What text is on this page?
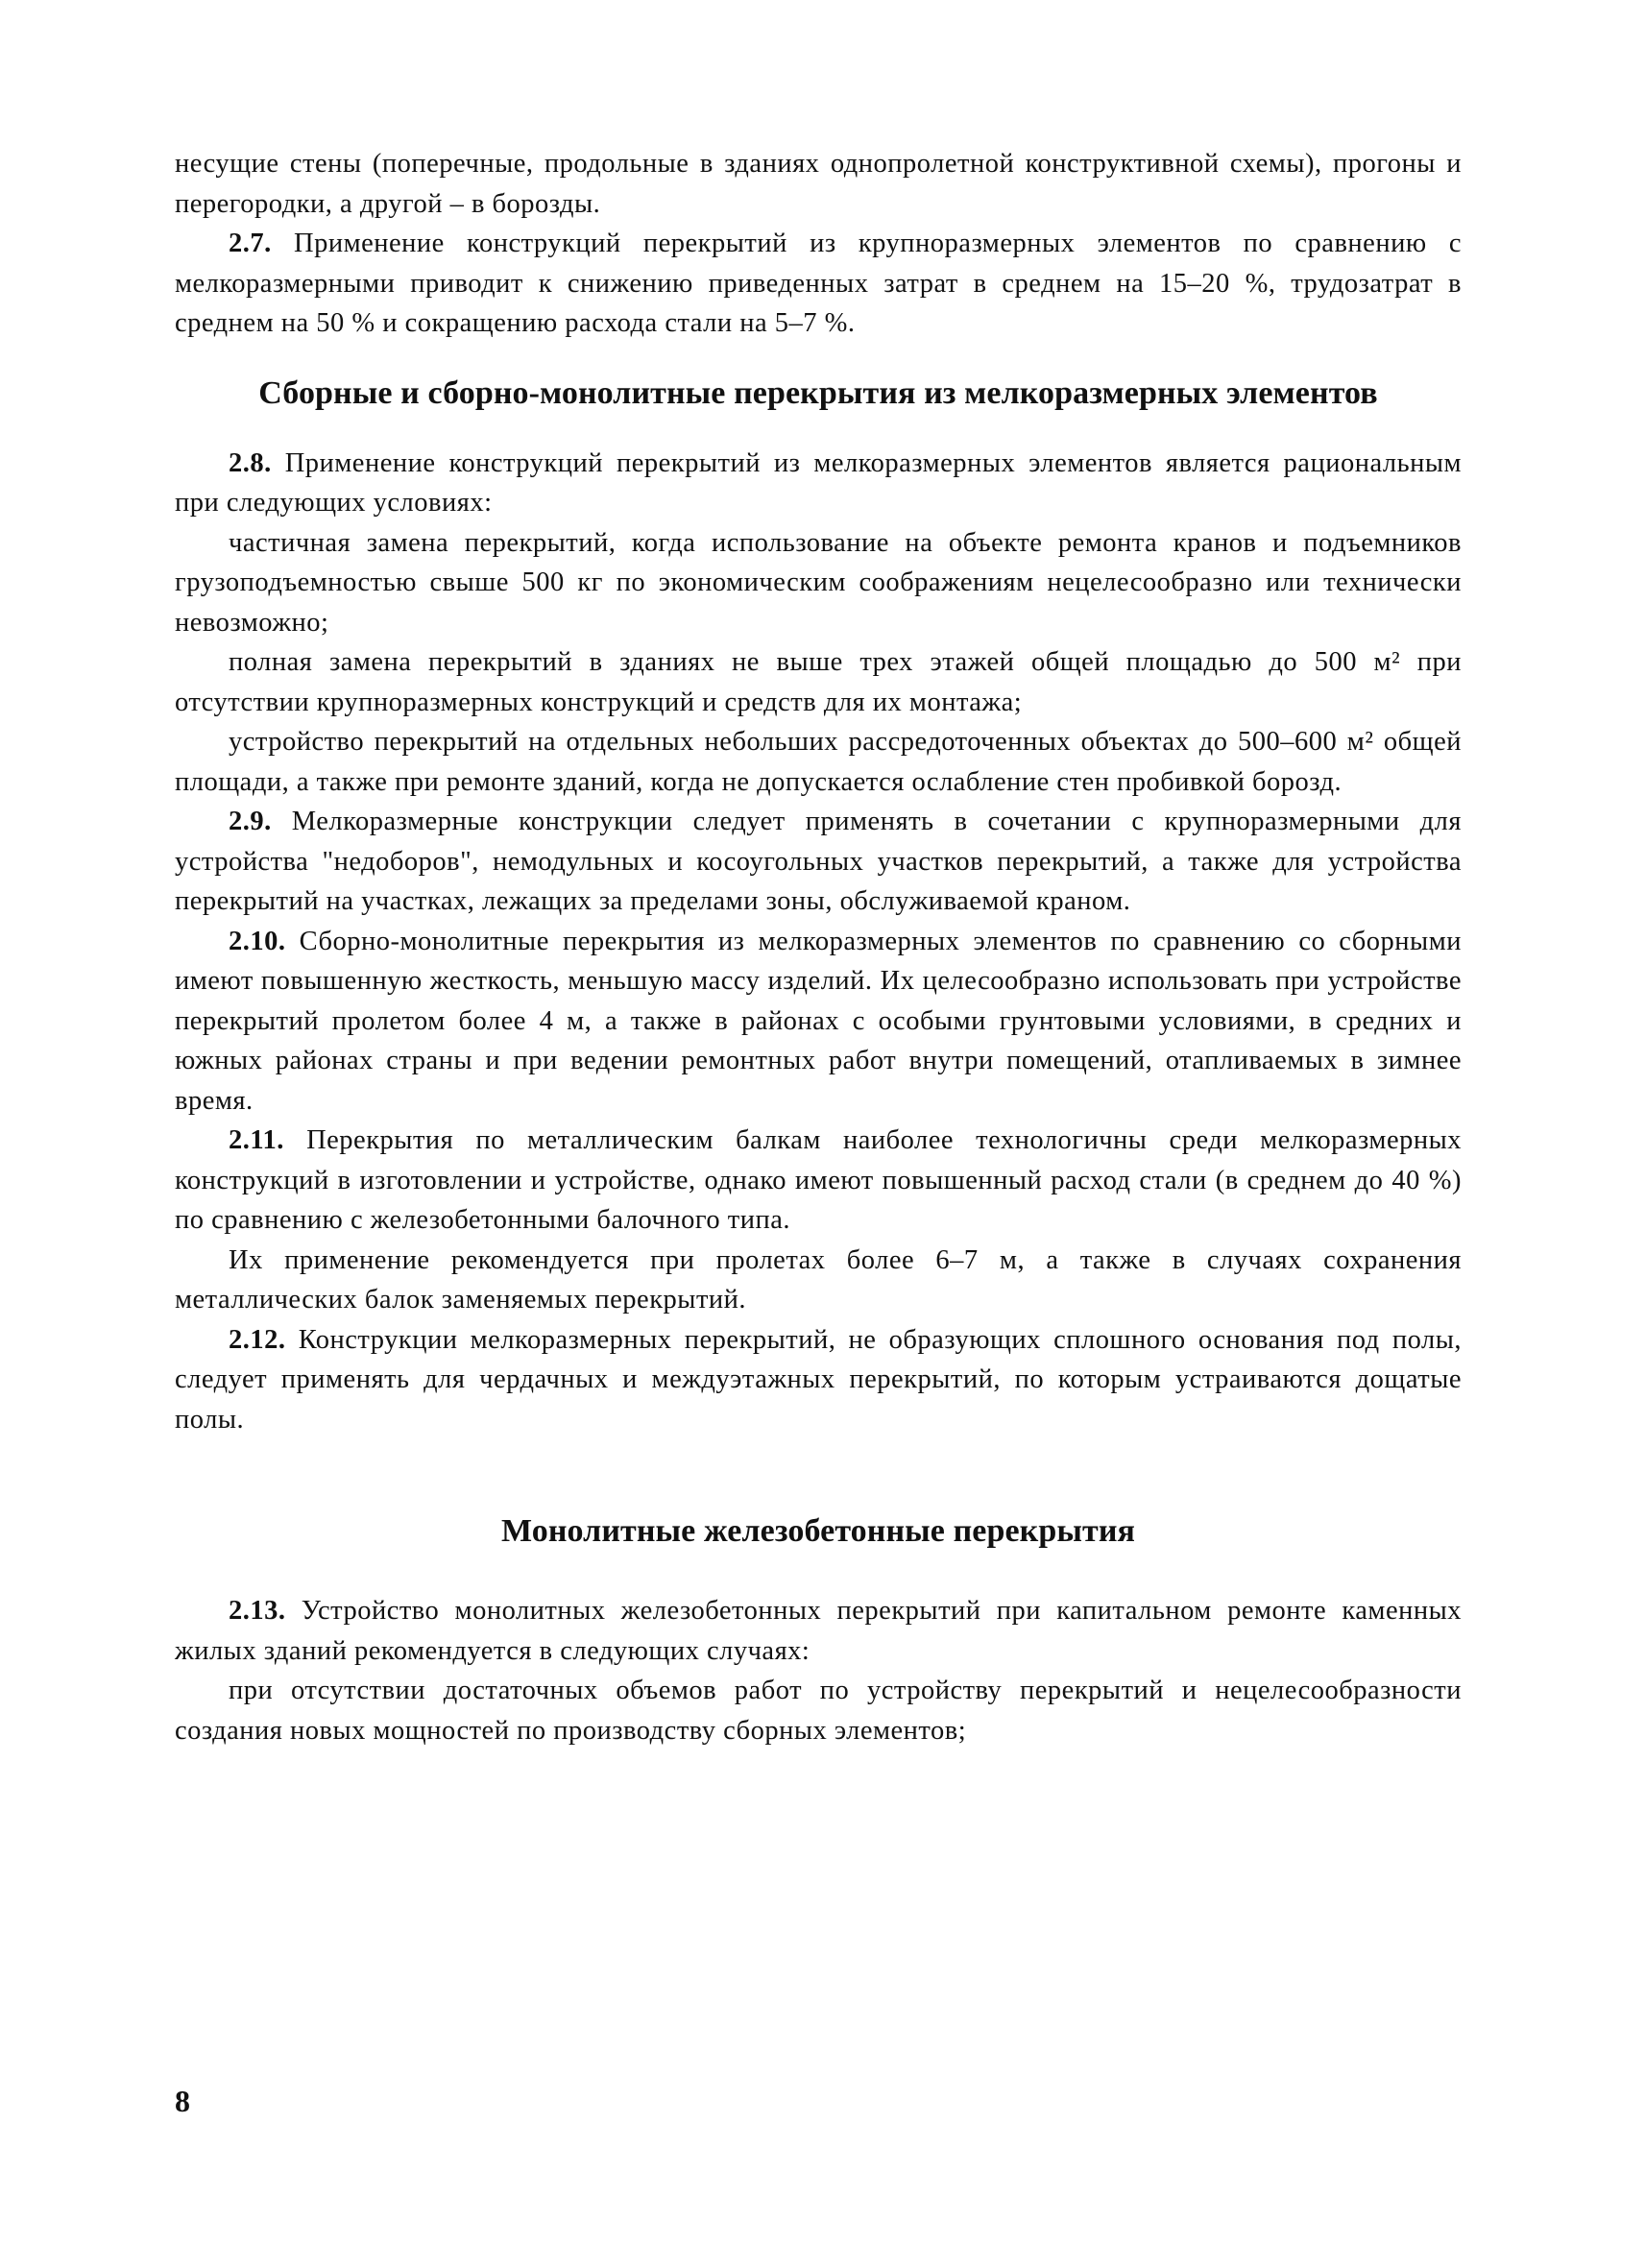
несущие стены (поперечные, продольные в зданиях однопролетной конструктивной схемы), прогоны и перегородки, а другой – в борозды.

2.7. Применение конструкций перекрытий из крупноразмерных элементов по сравнению с мелкоразмерными приводит к снижению приведенных затрат в среднем на 15–20 %, трудозатрат в среднем на 50 % и сокращению расхода стали на 5–7 %.

Сборные и сборно-монолитные перекрытия из мелкоразмерных элементов

2.8. Применение конструкций перекрытий из мелкоразмерных элементов является рациональным при следующих условиях:

частичная замена перекрытий, когда использование на объекте ремонта кранов и подъемников грузоподъемностью свыше 500 кг по экономическим соображениям нецелесообразно или технически невозможно;

полная замена перекрытий в зданиях не выше трех этажей общей площадью до 500 м² при отсутствии крупноразмерных конструкций и средств для их монтажа;

устройство перекрытий на отдельных небольших рассредоточенных объектах до 500–600 м² общей площади, а также при ремонте зданий, когда не допускается ослабление стен пробивкой борозд.

2.9. Мелкоразмерные конструкции следует применять в сочетании с крупноразмерными для устройства "недоборов", немодульных и косоугольных участков перекрытий, а также для устройства перекрытий на участках, лежащих за пределами зоны, обслуживаемой краном.

2.10. Сборно-монолитные перекрытия из мелкоразмерных элементов по сравнению со сборными имеют повышенную жесткость, меньшую массу изделий. Их целесообразно использовать при устройстве перекрытий пролетом более 4 м, а также в районах с особыми грунтовыми условиями, в средних и южных районах страны и при ведении ремонтных работ внутри помещений, отапливаемых в зимнее время.

2.11. Перекрытия по металлическим балкам наиболее технологичны среди мелкоразмерных конструкций в изготовлении и устройстве, однако имеют повышенный расход стали (в среднем до 40 %) по сравнению с железобетонными балочного типа.

Их применение рекомендуется при пролетах более 6–7 м, а также в случаях сохранения металлических балок заменяемых перекрытий.

2.12. Конструкции мелкоразмерных перекрытий, не образующих сплошного основания под полы, следует применять для чердачных и междуэтажных перекрытий, по которым устраиваются дощатые полы.

Монолитные железобетонные перекрытия

2.13. Устройство монолитных железобетонных перекрытий при капитальном ремонте каменных жилых зданий рекомендуется в следующих случаях:

при отсутствии достаточных объемов работ по устройству перекрытий и нецелесообразности создания новых мощностей по производству сборных элементов;

8
